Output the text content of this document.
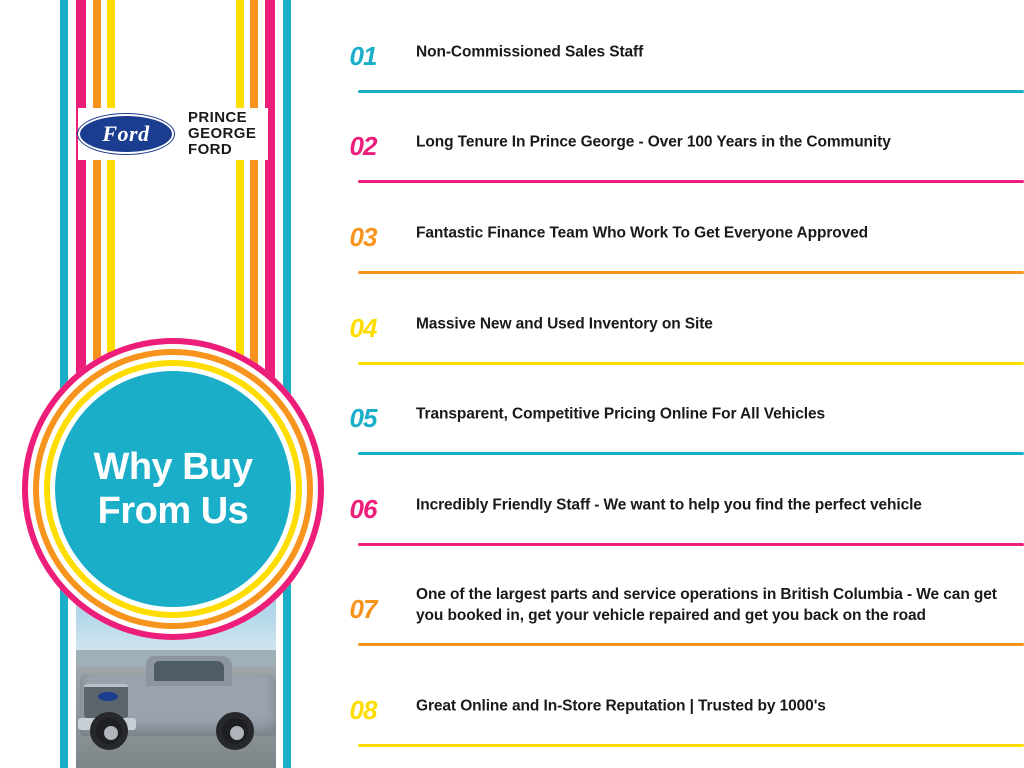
Ford
PRINCE
GEORGE
FORD
Why Buy
From Us
01	Non-Commissioned Sales Staff
02	Long Tenure In Prince George - Over 100 Years in the Community
03	Fantastic Finance Team Who Work To Get Everyone Approved
04	Massive New and Used Inventory on Site
05	Transparent, Competitive Pricing Online For All Vehicles
06	Incredibly Friendly Staff - We want to help you find the perfect vehicle
07	One of the largest parts and service operations in British Columbia - We can get you booked in, get your vehicle repaired and get you back on the road
08	Great Online and In-Store Reputation | Trusted by 1000's
